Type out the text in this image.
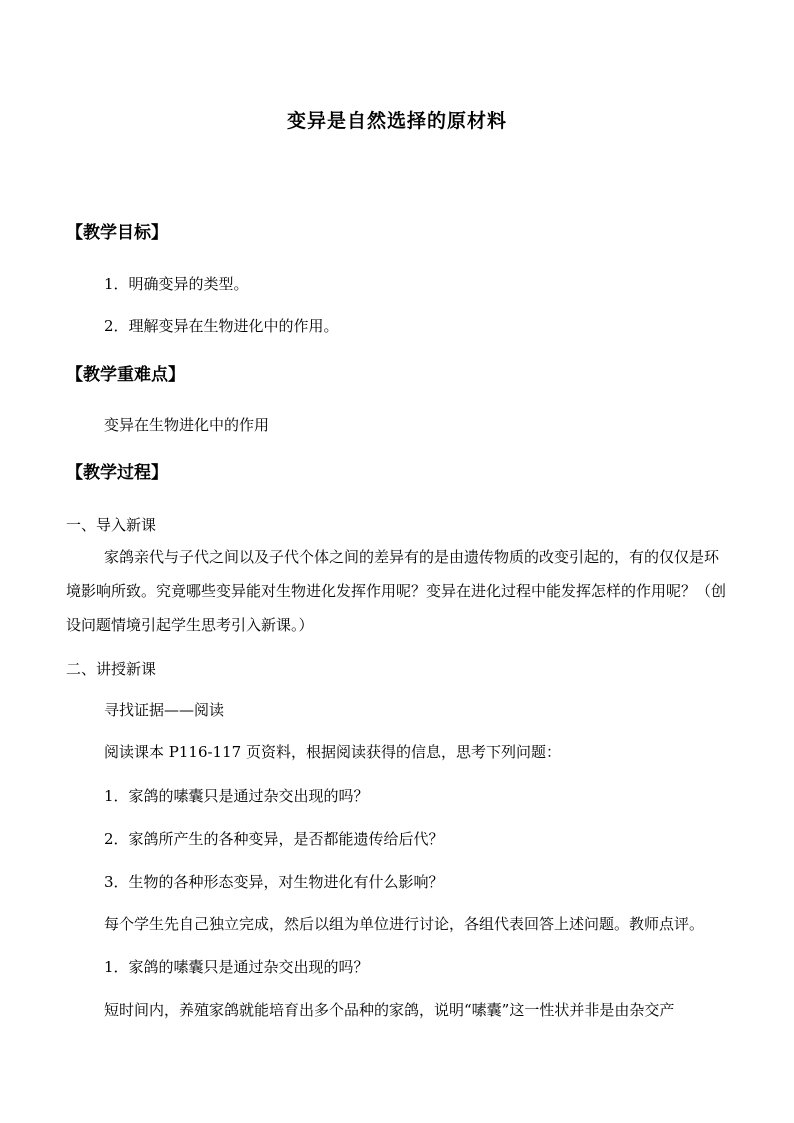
变异是自然选择的原材料
【教学目标】
1．明确变异的类型。
2．理解变异在生物进化中的作用。
【教学重难点】
变异在生物进化中的作用
【教学过程】
一、导入新课
家鸽亲代与子代之间以及子代个体之间的差异有的是由遗传物质的改变引起的，有的仅仅是环境影响所致。究竟哪些变异能对生物进化发挥作用呢？变异在进化过程中能发挥怎样的作用呢？（创设问题情境引起学生思考引入新课。）
二、讲授新课
寻找证据——阅读
阅读课本 P116-117 页资料，根据阅读获得的信息，思考下列问题：
1．家鸽的嗉囊只是通过杂交出现的吗？
2．家鸽所产生的各种变异，是否都能遗传给后代？
3．生物的各种形态变异，对生物进化有什么影响？
每个学生先自己独立完成，然后以组为单位进行讨论，各组代表回答上述问题。教师点评。
1．家鸽的嗉囊只是通过杂交出现的吗？
短时间内，养殖家鸽就能培育出多个品种的家鸽，说明“嗉囊”这一性状并非是由杂交产
